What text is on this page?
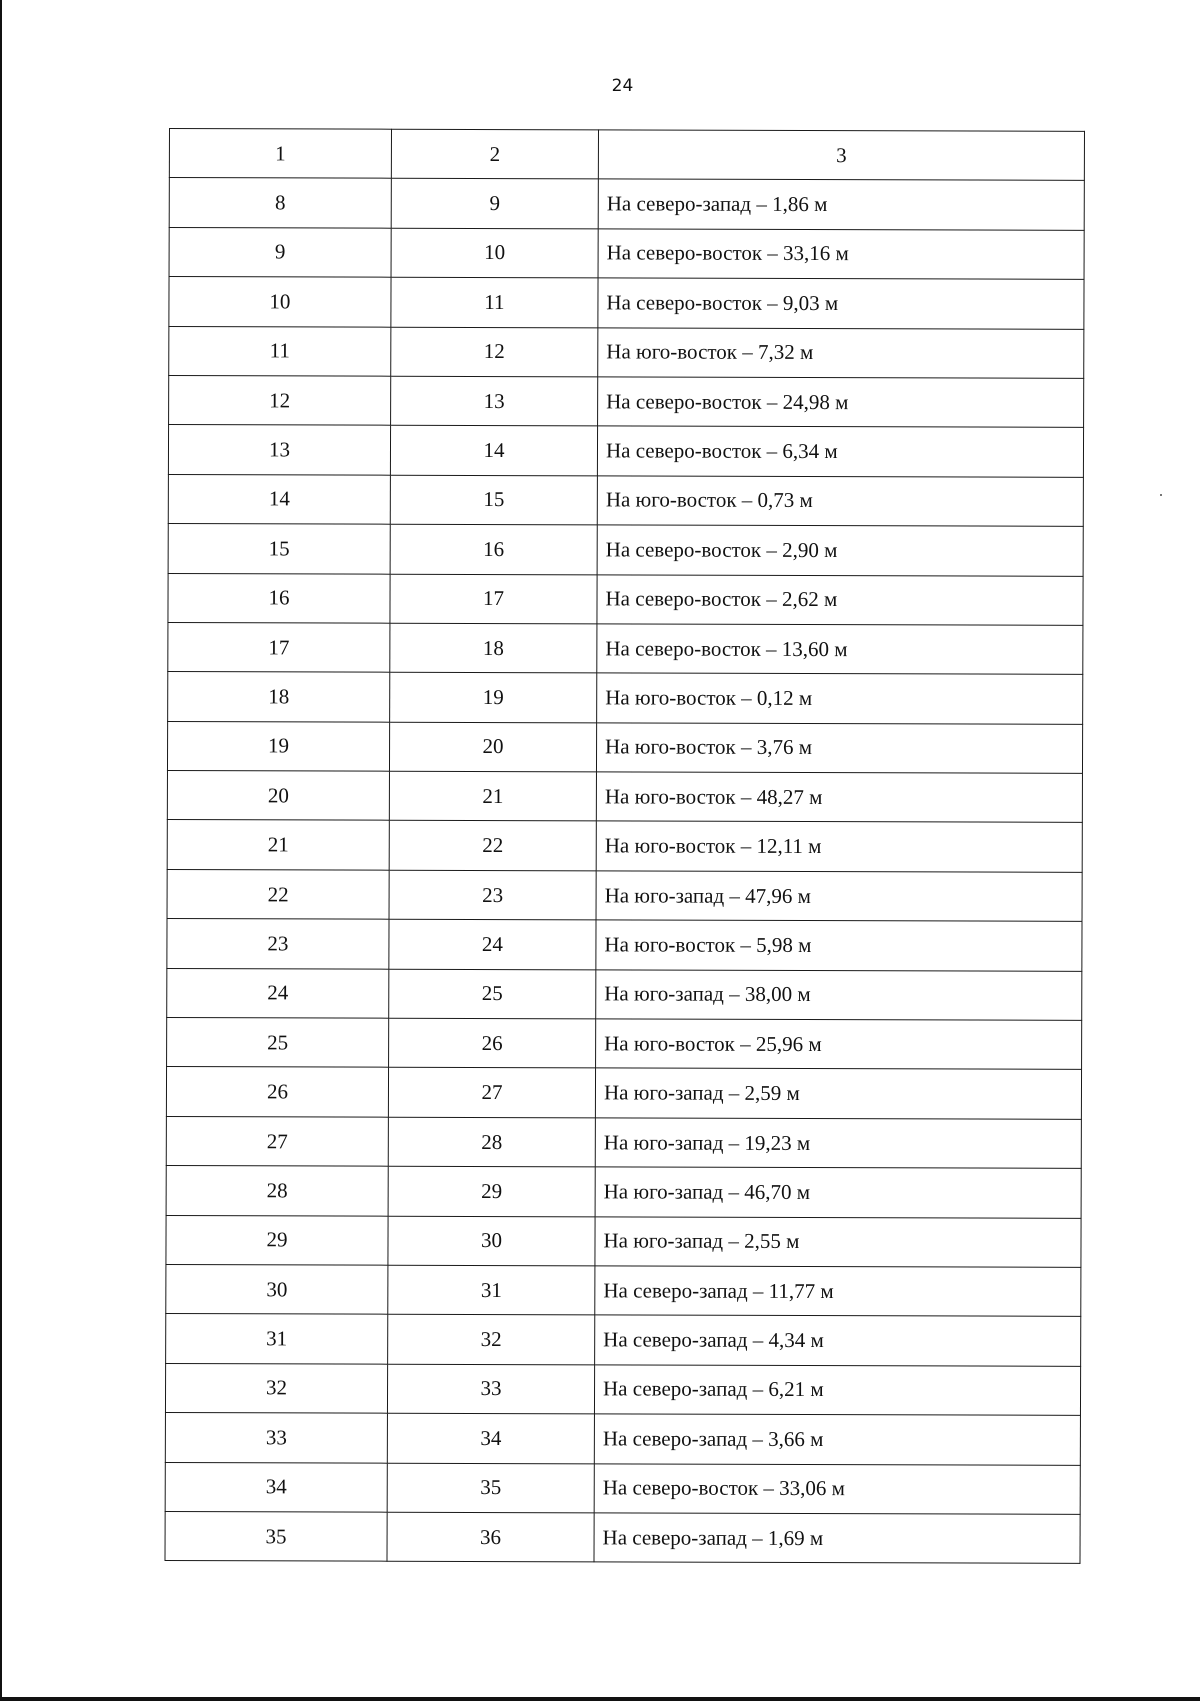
24
1	2	3
8	9	На северо-запад – 1,86 м
9	10	На северо-восток – 33,16 м
10	11	На северо-восток – 9,03 м
11	12	На юго-восток – 7,32 м
12	13	На северо-восток – 24,98 м
13	14	На северо-восток – 6,34 м
14	15	На юго-восток – 0,73 м
15	16	На северо-восток – 2,90 м
16	17	На северо-восток – 2,62 м
17	18	На северо-восток – 13,60 м
18	19	На юго-восток – 0,12 м
19	20	На юго-восток – 3,76 м
20	21	На юго-восток – 48,27 м
21	22	На юго-восток – 12,11 м
22	23	На юго-запад – 47,96 м
23	24	На юго-восток – 5,98 м
24	25	На юго-запад – 38,00 м
25	26	На юго-восток – 25,96 м
26	27	На юго-запад – 2,59 м
27	28	На юго-запад – 19,23 м
28	29	На юго-запад – 46,70 м
29	30	На юго-запад – 2,55 м
30	31	На северо-запад – 11,77 м
31	32	На северо-запад – 4,34 м
32	33	На северо-запад – 6,21 м
33	34	На северо-запад – 3,66 м
34	35	На северо-восток – 33,06 м
35	36	На северо-запад – 1,69 м
